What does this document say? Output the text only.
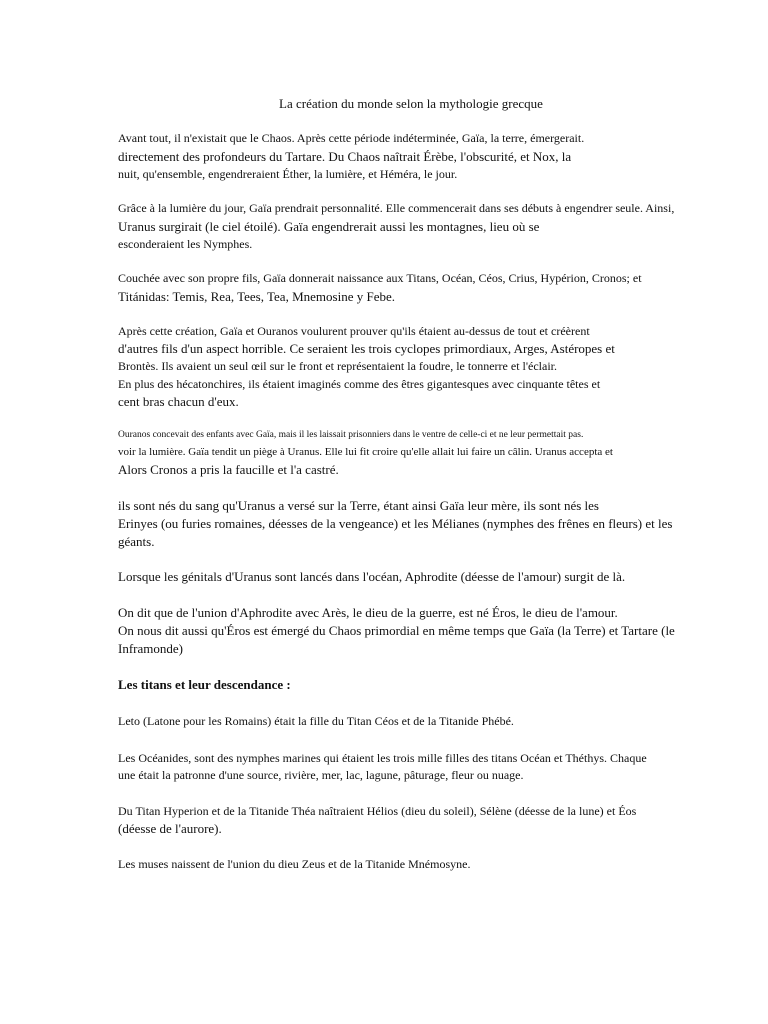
La création du monde selon la mythologie grecque
Avant tout, il n'existait que le Chaos. Après cette période indéterminée, Gaïa, la terre, émergerait.
directement des profondeurs du Tartare. Du Chaos naîtrait Érèbe, l'obscurité, et Nox, la
nuit, qu'ensemble, engendreraient Éther, la lumière, et Héméra, le jour.
Grâce à la lumière du jour, Gaïa prendrait personnalité. Elle commencerait dans ses débuts à engendrer seule. Ainsi,
Uranus surgirait (le ciel étoilé). Gaïa engendrerait aussi les montagnes, lieu où se
esconderaient les Nymphes.
Couchée avec son propre fils, Gaïa donnerait naissance aux Titans, Océan, Céos, Crius, Hypérion, Cronos; et
Titánidas: Temis, Rea, Tees, Tea, Mnemosine y Febe.
Après cette création, Gaïa et Ouranos voulurent prouver qu'ils étaient au-dessus de tout et créèrent
d'autres fils d'un aspect horrible. Ce seraient les trois cyclopes primordiaux, Arges, Astéropes et
Brontès. Ils avaient un seul œil sur le front et représentaient la foudre, le tonnerre et l'éclair.
En plus des hécatonchires, ils étaient imaginés comme des êtres gigantesques avec cinquante têtes et
cent bras chacun d'eux.
Ouranos concevait des enfants avec Gaïa, mais il les laissait prisonniers dans le ventre de celle-ci et ne leur permettait pas.
voir la lumière. Gaïa tendit un piège à Uranus. Elle lui fit croire qu'elle allait lui faire un câlin. Uranus accepta et
Alors Cronos a pris la faucille et l'a castré.
ils sont nés du sang qu'Uranus a versé sur la Terre, étant ainsi Gaïa leur mère, ils sont nés les
Erinyes (ou furies romaines, déesses de la vengeance) et les Mélianes (nymphes des frênes en fleurs) et les
géants.
Lorsque les génitals d'Uranus sont lancés dans l'océan, Aphrodite (déesse de l'amour) surgit de là.
On dit que de l'union d'Aphrodite avec Arès, le dieu de la guerre, est né Éros, le dieu de l'amour.
On nous dit aussi qu'Éros est émergé du Chaos primordial en même temps que Gaïa (la Terre) et Tartare (le
Inframonde)
Les titans et leur descendance :
Leto (Latone pour les Romains) était la fille du Titan Céos et de la Titanide Phébé.
Les Océanides, sont des nymphes marines qui étaient les trois mille filles des titans Océan et Théthys. Chaque
une était la patronne d'une source, rivière, mer, lac, lagune, pâturage, fleur ou nuage.
Du Titan Hyperion et de la Titanide Théa naîtraient Hélios (dieu du soleil), Sélène (déesse de la lune) et Éos
(déesse de l'aurore).
Les muses naissent de l'union du dieu Zeus et de la Titanide Mnémosyne.
